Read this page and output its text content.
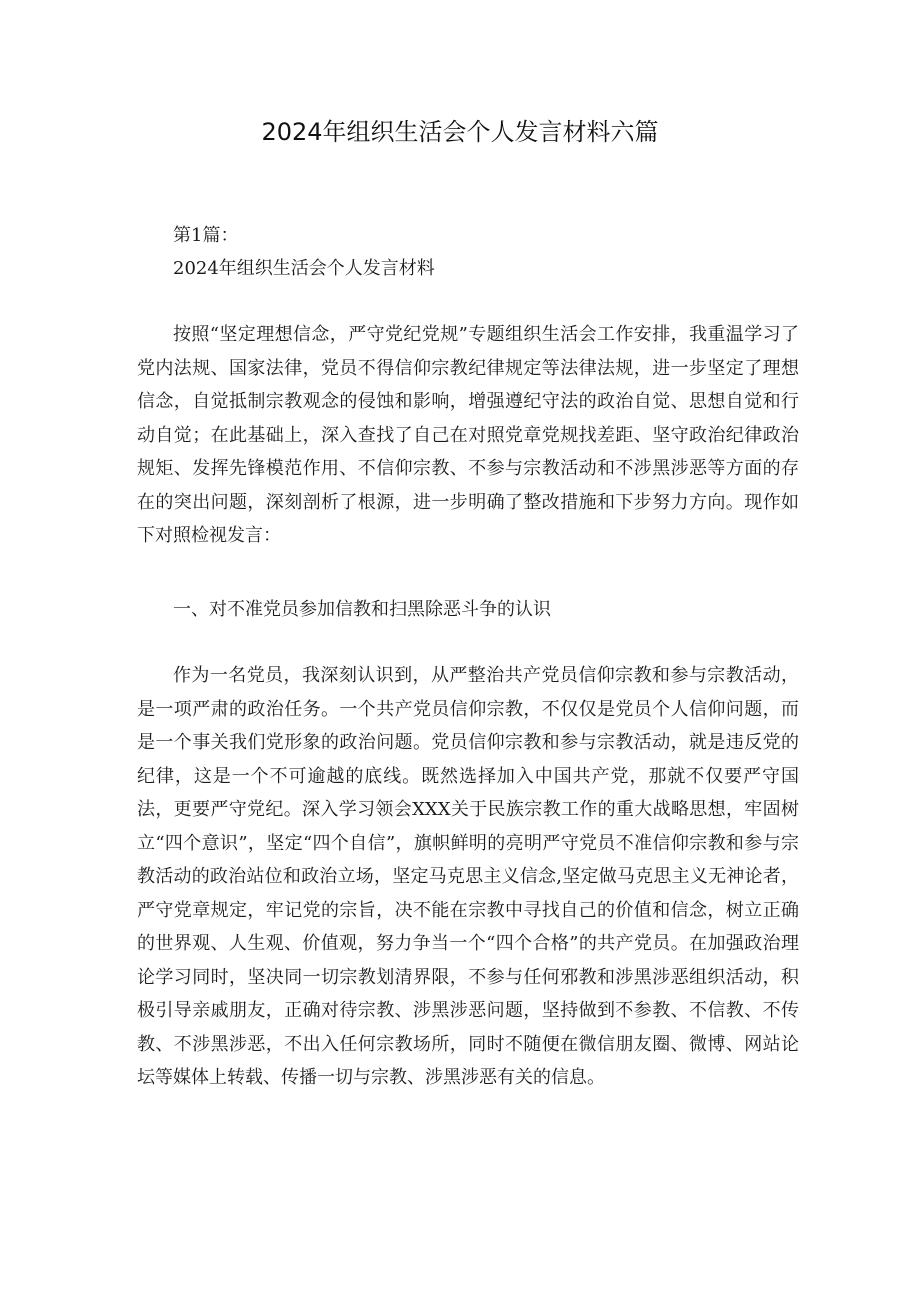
2024年组织生活会个人发言材料六篇

第1篇：

2024年组织生活会个人发言材料

按照“坚定理想信念，严守党纪党规”专题组织生活会工作安排，我重温学习了党内法规、国家法律，党员不得信仰宗教纪律规定等法律法规，进一步坚定了理想信念，自觉抵制宗教观念的侵蚀和影响，增强遵纪守法的政治自觉、思想自觉和行动自觉；在此基础上，深入查找了自己在对照党章党规找差距、坚守政治纪律政治规矩、发挥先锋模范作用、不信仰宗教、不参与宗教活动和不涉黑涉恶等方面的存在的突出问题，深刻剖析了根源，进一步明确了整改措施和下步努力方向。现作如下对照检视发言：

一、对不准党员参加信教和扫黑除恶斗争的认识

作为一名党员，我深刻认识到，从严整治共产党员信仰宗教和参与宗教活动，是一项严肃的政治任务。一个共产党员信仰宗教，不仅仅是党员个人信仰问题，而是一个事关我们党形象的政治问题。党员信仰宗教和参与宗教活动，就是违反党的纪律，这是一个不可逾越的底线。既然选择加入中国共产党，那就不仅要严守国法，更要严守党纪。深入学习领会XXX关于民族宗教工作的重大战略思想，牢固树立“四个意识”，坚定“四个自信”，旗帜鲜明的亮明严守党员不准信仰宗教和参与宗教活动的政治站位和政治立场，坚定马克思主义信念,坚定做马克思主义无神论者，严守党章规定，牢记党的宗旨，决不能在宗教中寻找自己的价值和信念，树立正确的世界观、人生观、价值观，努力争当一个“四个合格”的共产党员。在加强政治理论学习同时，坚决同一切宗教划清界限，不参与任何邪教和涉黑涉恶组织活动，积极引导亲戚朋友，正确对待宗教、涉黑涉恶问题，坚持做到不参教、不信教、不传教、不涉黑涉恶，不出入任何宗教场所，同时不随便在微信朋友圈、微博、网站论坛等媒体上转载、传播一切与宗教、涉黑涉恶有关的信息。
